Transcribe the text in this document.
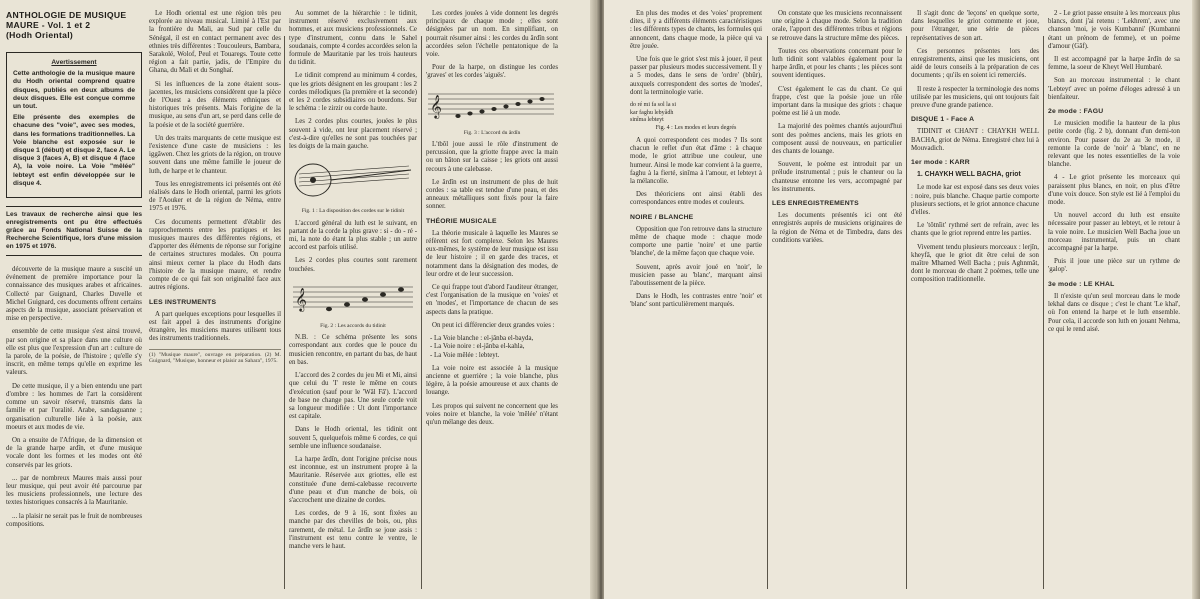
ANTHOLOGIE DE MUSIQUE
MAURE - Vol. 1 et 2
(Hodh Oriental)
Avertissement

Cette anthologie de la musique maure du Hodh oriental comprend quatre disques, publiés en deux albums de deux disques. Elle est conçue comme un tout.

Elle présente des exemples de chacune des "voie", avec ses modes, dans les formations traditionnelles. La Voie blanche est exposée sur le disque 1 (début) et disque 2, face A. Le disque 3 (faces A, B) et disque 4 (face A), la voie noire. La Voie "mêlée" lebteyt est enfin développée sur le disque 4.

Les travaux de recherche ainsi que les enregistrements ont pu être effectués grâce au Fonds National Suisse de la Recherche Scientifique, lors d'une mission en 1975 et 1976.

découverte de la musique maure a suscité un événement de première importance pour la connaissance des musiques arabes et africaines. Collecté par Guignard, Charles Duvelle et Michel Guignard, ces documents offrent certains aspects de la musique, associant préservation et mise en perspective.

ensemble de cette musique s'est ainsi trouvé, par son origine et sa place dans une culture où elle est plus que l'expression d'un art : culture de la parole, de la poésie, de l'histoire ; qu'elle s'y inscrit, en même temps qu'elle en exprime les valeurs.

De cette musique, il y a bien entendu une part d'ombre : les hommes de l'art la considèrent comme un savoir réservé, transmis dans la famille et par l'oralité. Arabe, sandaguanne ; organisation culturelle liée à la poésie, aux moeurs et aux modes de vie.

On a ensuite de l'Afrique, de la dimension et de la grande harpe ardîn, et d'une musique vocale dont les formes et les modes ont été conservés par les griots.

... par de nombreux Maures mais aussi pour leur musique, qui peut avoir été parcourue par les musiciens professionnels, une lecture des textes historiques consacrés à la Mauritanie.

... la plaisir ne serait pas le fruit de nombreuses compositions.

Le Hodh oriental est une région très peu explorée au niveau musical. Limité à l'Est par la frontière du Mali, au Sud par celle du Sénégal, il est en contact permanent avec des ethnies très différentes : Toucouleurs, Bambara, Sarakolé, Wolof, Peul et Touaregs. Toute cette région a fait partie, jadis, de l'Empire du Ghana, du Mali et du Songhaï.

Si les influences de la zone étaient sous-jacentes, les musiciens considèrent que la pièce de l'Ouest a des éléments ethniques et historiques très présents. Mais l'origine de la musique, au sens d'un art, se perd dans celle de la poésie et de la société guerrière.

Un des traits marquants de cette musique est l'existence d'une caste de musiciens : les iggâwen. Chez les griots de la région, on trouve souvent dans une même famille le joueur de luth, de harpe et le chanteur.

Tous les enregistrements ici présentés ont été réalisés dans le Hodh oriental, parmi les griots de l'Aouker et de la région de Néma, entre 1975 et 1976.

Ces documents permettent d'établir des rapprochements entre les pratiques et les musiques maures des différentes régions, et d'apporter des éléments de réponse sur l'origine de certaines structures modales. On pourra ainsi mieux cerner la place du Hodh dans l'histoire de la musique maure, et rendre compte de ce qui fait son originalité face aux autres régions.

LES INSTRUMENTS

A part quelques exceptions pour lesquelles il est fait appel à des instruments d'origine étrangère, les musiciens maures utilisent tous des instruments traditionnels.

(1) "Musique maure", ouvrage en préparation. (2) M. Guignard, "Musique, honneur et plaisir au Sahara", 1975.

Au sommet de la hiérarchie : le tidinit, instrument réservé exclusivement aux hommes, et aux musiciens professionnels. Ce type d'instrument, connu dans le Sahel soudanais, compte 4 cordes accordées selon la formule de Mauritanie par les trois hauteurs du tidinit.

Le tidinit comprend au minimum 4 cordes, que les griots désignent en les groupant : les 2 cordes mélodiques (la première et la seconde) et les 2 cordes subsidiaires ou bourdons. Sur le schéma : le zirzir ou corde haute.

Les 2 cordes plus courtes, jouées le plus souvent à vide, ont leur placement réservé ; c'est-à-dire qu'elles ne sont pas touchées par les doigts de la main gauche.

Fig. 1 : La disposition des cordes sur le tidinit

L'accord général du luth est le suivant, en partant de la corde la plus grave : si - do - ré - mi, la note do étant la plus stable ; un autre accord est parfois utilisé.

Les 2 cordes plus courtes sont rarement touchées.

𝄞
Fig. 2 : Les accords du tidinit

N.B. : Ce schéma présente les sons correspondant aux cordes que le pouce du musicien rencontre, en partant du bas, de haut en bas.

L'accord des 2 cordes du jeu Mi et Mi, ainsi que celui du 'I' reste le même en cours d'exécution (sauf pour le 'Wâl Fâ'). L'accord de base ne change pas. Une seule corde voit sa longueur modifiée : Ut dont l'importance est capitale.

Dans le Hodh oriental, les tidinit ont souvent 5, quelquefois même 6 cordes, ce qui semble une influence soudanaise.

La harpe ârdîn, dont l'origine précise nous est inconnue, est un instrument propre à la Mauritanie. Réservée aux griottes, elle est constituée d'une demi-calebasse recouverte d'une peau et d'un manche de bois, où s'accrochent une dizaine de cordes.

Les cordes, de 9 à 16, sont fixées au manche par des chevilles de bois, ou, plus rarement, de métal. Le ârdîn se joue assis : l'instrument est tenu contre le ventre, le manche vers le haut.

Les cordes jouées à vide donnent les degrés principaux de chaque mode ; elles sont désignées par un nom. En simplifiant, on pourrait résumer ainsi : les cordes du ârdîn sont accordées selon l'échelle pentatonique de la voie.

Pour de la harpe, on distingue les cordes 'graves' et les cordes 'aiguës'.

𝄞
Fig. 3 : L'accord du ârdîn

L'tbôl joue aussi le rôle d'instrument de percussion, que la griotte frappe avec la main ou un bâton sur la caisse ; les griots ont aussi recours à une calebasse.

Le ârdîn est un instrument de plus de huit cordes : sa table est tendue d'une peau, et des anneaux métalliques sont fixés pour la faire sonner.

THÉORIE MUSICALE

La théorie musicale à laquelle les Maures se réfèrent est fort complexe. Selon les Maures eux-mêmes, le système de leur musique est issu de leur histoire ; il en garde des traces, et notamment dans la désignation des modes, de leur ordre et de leur succession.

Ce qui frappe tout d'abord l'auditeur étranger, c'est l'organisation de la musique en 'voies' et en 'modes', et l'importance de chacun de ses aspects dans la pratique.

On peut ici différencier deux grandes voies :

- La Voie blanche : el-jânba el-bayda,
- La Voie noire : el-jânba el-kahla,
- La Voie mêlée : lebteyt.

La voie noire est associée à la musique ancienne et guerrière ; la voie blanche, plus légère, à la poésie amoureuse et aux chants de louange.

Les propos qui suivent ne concernent que les voies noire et blanche, la voie 'mêlée' n'étant qu'un mélange des deux.

En plus des modes et des 'voies' proprement dites, il y a différents éléments caractéristiques : les différents types de chants, les formules qui annoncent, dans chaque mode, la pièce qui va être jouée.

Une fois que le griot s'est mis à jouer, il peut passer par plusieurs modes successivement. Il y a 5 modes, dans le sens de 'ordre' (bhûr), auxquels correspondent des sortes de 'modes', dont la terminologie varie.

do ré mi fa sol la si
kar faghu lebyâdh
sinîma lebteyt
Fig. 4 : Les modes et leurs degrés

A quoi correspondent ces modes ? Ils sont chacun le reflet d'un état d'âme : à chaque mode, le griot attribue une couleur, une humeur. Ainsi le mode kar convient à la guerre, faghu à la fierté, sinîma à l'amour, et lebteyt à la mélancolie.

Des théoriciens ont ainsi établi des correspondances entre modes et couleurs.

NOIRE / BLANCHE

Opposition que l'on retrouve dans la structure même de chaque mode : chaque mode comporte une partie 'noire' et une partie 'blanche', de la même façon que chaque voie.

Souvent, après avoir joué en 'noir', le musicien passe au 'blanc', marquant ainsi l'aboutissement de la pièce.

Dans le Hodh, les contrastes entre 'noir' et 'blanc' sont particulièrement marqués.

On constate que les musiciens reconnaissent une origine à chaque mode. Selon la tradition orale, l'apport des différentes tribus et régions se retrouve dans la structure même des pièces.

Toutes ces observations concernant pour le luth tidinit sont valables également pour la harpe ârdîn, et pour les chants ; les pièces sont souvent identiques.

C'est également le cas du chant. Ce qui frappe, c'est que la poésie joue un rôle important dans la musique des griots : chaque poème est lié à un mode.

La majorité des poèmes chantés aujourd'hui sont des poèmes anciens, mais les griots en composent aussi de nouveaux, en particulier des chants de louange.

Souvent, le poème est introduit par un prélude instrumental ; puis le chanteur ou la chanteuse entonne les vers, accompagné par les instruments.

LES ENREGISTREMENTS

Les documents présentés ici ont été enregistrés auprès de musiciens originaires de la région de Néma et de Timbedra, dans des conditions variées.

Il s'agit donc de 'leçons' en quelque sorte, dans lesquelles le griot commente et joue, pour l'étranger, une série de pièces représentatives de son art.

Ces personnes présentes lors des enregistrements, ainsi que les musiciens, ont aidé de leurs conseils à la préparation de ces documents ; qu'ils en soient ici remerciés.

Il reste à respecter la terminologie des noms utilisée par les musiciens, qui ont toujours fait preuve d'une grande patience.

DISQUE 1 - Face A

TIDINIT et CHANT : CHAYKH WELL BACHA, griot de Néma. Enregistré chez lui à Mouvadich.

1er mode : KARR

1. CHAYKH WELL BACHA, griot

Le mode kar est exposé dans ses deux voies : noire, puis blanche. Chaque partie comporte plusieurs sections, et le griot annonce chacune d'elles.

Le 'tôtnîit' rythmé sert de refrain, avec les chants que le griot reprend entre les parties.

Vivement tendu plusieurs morceaux : lerjîn, kheyfâ, que le griot dit être celui de son maître Mhamed Well Bacha ; puis Aghnmât, dont le morceau de chant 2 poèmes, telle une composition traditionnelle.

2 - Le griot passe ensuite à les morceaux plus blancs, dont j'ai retenu : 'Lekhrem', avec une chanson 'moi, je vois Kumbanni' (Kumbanni étant un prénom de femme), et un poème d'amour (Gâf).

Il est accompagné par la harpe ârdîn de sa femme, la soeur de Kheyt Well Humbaré.

Son au morceau instrumental : le chant 'Lebteyt' avec un poème d'éloges adressé à un bienfaiteur.

2e mode : FAGU

Le musicien modifie la hauteur de la plus petite corde (fig. 2 b), donnant d'un demi-ton environ. Pour passer du 2e au 3e mode, il remonte la corde de 'noir' à 'blanc', en ne relevant que les notes essentielles de la voie blanche.

4 - Le griot présente les morceaux qui paraissent plus blancs, en noir, en plus d'être d'une voix douce. Son style est lié à l'emploi du mode.

Un nouvel accord du luth est ensuite nécessaire pour passer au lebteyt, et le retour à la voie noire. Le musicien Well Bacha joue un morceau instrumental, puis un chant accompagné par la harpe.

Puis il joue une pièce sur un rythme de 'galop'.

3e mode : LE KHAL

Il n'existe qu'un seul morceau dans le mode lekhal dans ce disque ; c'est le chant 'Le khal', où l'on entend la harpe et le luth ensemble. Pour cela, il accorde son luth en jouant Nehma, ce qui le rend aisé.
